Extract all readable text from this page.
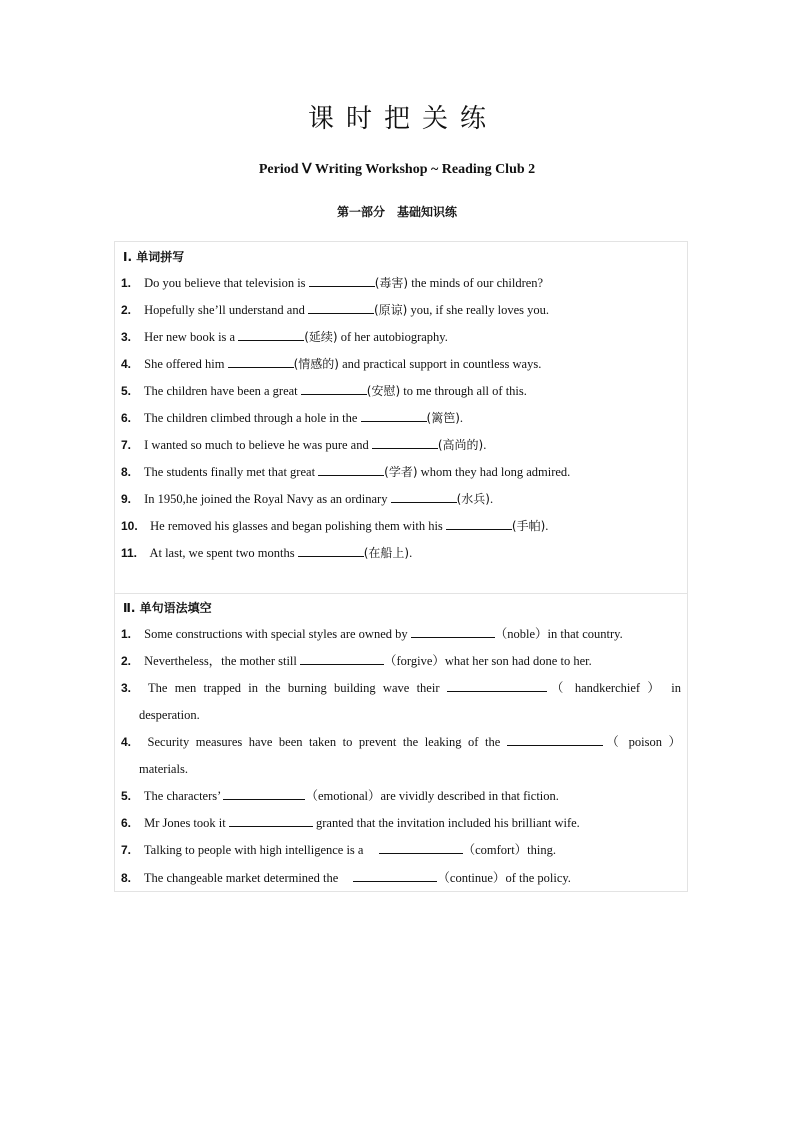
课时把关练
Period Ⅴ Writing Workshop ~ Reading Club 2
第一部分　基础知识练
Ⅰ. 单词拼写
1. Do you believe that television is	(毒害) the minds of our children?
2. Hopefully she’ll understand and	(原谅) you, if she really loves you.
3. Her new book is a	(延续) of her autobiography.
4. She offered him	(情感的) and practical support in countless ways.
5. The children have been a great	(安慰) to me through all of this.
6. The children climbed through a hole in the	(篱笆).
7. I wanted so much to believe he was pure and	(高尚的).
8. The students finally met that great	(学者) whom they had long admired.
9. In 1950,he joined the Royal Navy as an ordinary	(水兵).
10. He removed his glasses and began polishing them with his	(手帕).
11. At last, we spent two months	(在船上).
Ⅱ. 单句语法填空
1. Some constructions with special styles are owned by	（noble）in that country.
2. Nevertheless，the mother still	（forgive）what her son had done to her.
3. The men trapped in the burning building wave their	（ handkerchief ） in
desperation.
4. Security measures have been taken to prevent the leaking of the	（ poison ）
materials.
5. The characters’	（emotional）are vividly described in that fiction.
6. Mr Jones took it	granted that the invitation included his brilliant wife.
7. Talking to people with high intelligence is a	（comfort）thing.
8. The changeable market determined the	（continue）of the policy.
